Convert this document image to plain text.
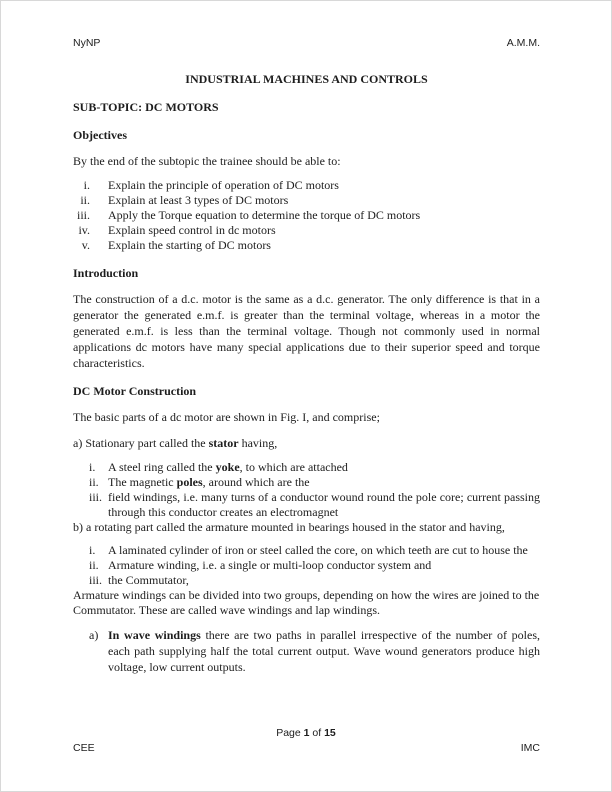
NyNP	A.M.M.
INDUSTRIAL MACHINES AND CONTROLS
SUB-TOPIC: DC MOTORS
Objectives
By the end of the subtopic the trainee should be able to:
i.	Explain the principle of operation of DC motors
ii.	Explain at least 3 types of DC motors
iii.	Apply the Torque equation to determine the torque of DC motors
iv.	Explain speed control in dc motors
v.	Explain the starting of DC motors
Introduction
The construction of a d.c. motor is the same as a d.c. generator. The only difference is that in a generator the generated e.m.f. is greater than the terminal voltage, whereas in a motor the generated e.m.f. is less than the terminal voltage. Though not commonly used in normal applications dc motors have many special applications due to their superior speed and torque characteristics.
DC Motor Construction
The basic parts of a dc motor are shown in Fig. I, and comprise;
a) Stationary part called the stator having,
i.	A steel ring called the yoke, to which are attached
ii. The magnetic poles, around which are the
iii. field windings, i.e. many turns of a conductor wound round the pole core; current passing through this conductor creates an electromagnet
b) a rotating part called the armature mounted in bearings housed in the stator and having,
i.	A laminated cylinder of iron or steel called the core, on which teeth are cut to house the
ii. Armature winding, i.e. a single or multi-loop conductor system and
iii. the Commutator,
Armature windings can be divided into two groups, depending on how the wires are joined to the Commutator. These are called wave windings and lap windings.
a) In wave windings there are two paths in parallel irrespective of the number of poles, each path supplying half the total current output. Wave wound generators produce high voltage, low current outputs.
Page 1 of 15
CEE	IMC
